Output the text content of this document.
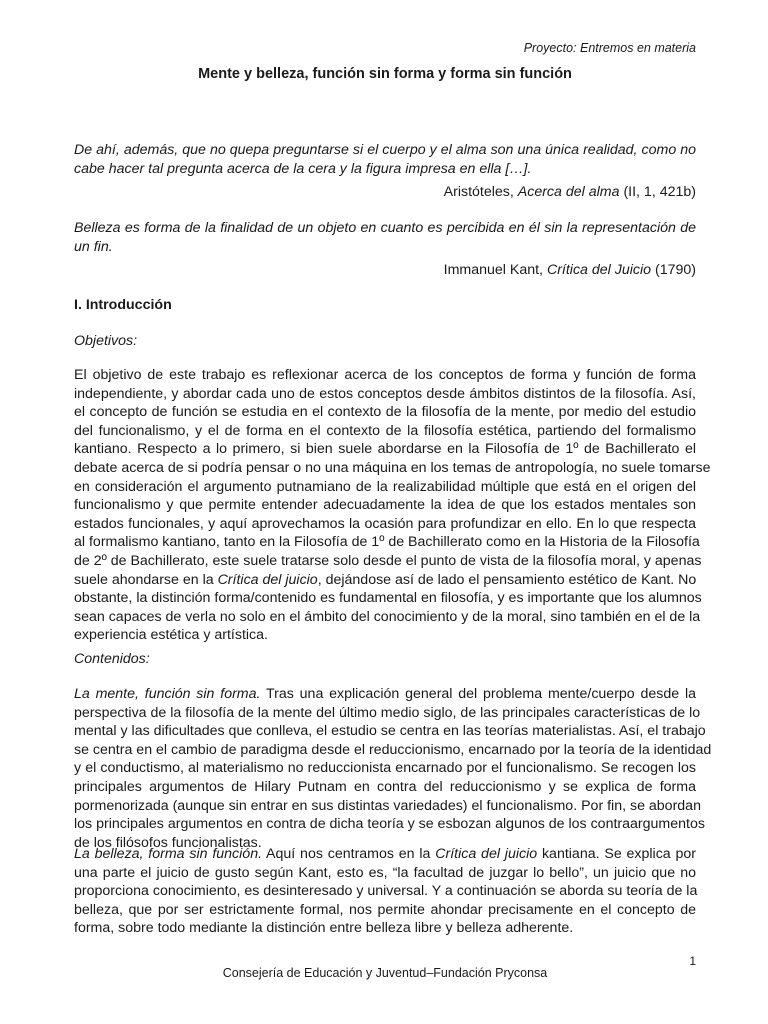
Proyecto: Entremos en materia
Mente y belleza, función sin forma y forma sin función

De ahí, además, que no quepa preguntarse si el cuerpo y el alma son una única realidad, como no
cabe hacer tal pregunta acerca de la cera y la figura impresa en ella […].

Aristóteles, Acerca del alma (II, 1, 421b)

Belleza es forma de la finalidad de un objeto en cuanto es percibida en él sin la representación de
un fin.

Immanuel Kant, Crítica del Juicio (1790)
I. Introducción
Objetivos:

El objetivo de este trabajo es reflexionar acerca de los conceptos de forma y función de forma
independiente, y abordar cada uno de estos conceptos desde ámbitos distintos de la filosofía. Así,
el concepto de función se estudia en el contexto de la filosofía de la mente, por medio del estudio
del funcionalismo, y el de forma en el contexto de la filosofía estética, partiendo del formalismo
kantiano. Respecto a lo primero, si bien suele abordarse en la Filosofía de 1º de Bachillerato el
debate acerca de si podría pensar o no una máquina en los temas de antropología, no suele tomarse
en consideración el argumento putnamiano de la realizabilidad múltiple que está en el origen del
funcionalismo y que permite entender adecuadamente la idea de que los estados mentales son
estados funcionales, y aquí aprovechamos la ocasión para profundizar en ello. En lo que respecta
al formalismo kantiano, tanto en la Filosofía de 1º de Bachillerato como en la Historia de la Filosofía
de 2º de Bachillerato, este suele tratarse solo desde el punto de vista de la filosofía moral, y apenas
suele ahondarse en la Crítica del juicio, dejándose así de lado el pensamiento estético de Kant. No
obstante, la distinción forma/contenido es fundamental en filosofía, y es importante que los alumnos
sean capaces de verla no solo en el ámbito del conocimiento y de la moral, sino también en el de la
experiencia estética y artística.

Contenidos:

La mente, función sin forma. Tras una explicación general del problema mente/cuerpo desde la
perspectiva de la filosofía de la mente del último medio siglo, de las principales características de lo
mental y las dificultades que conlleva, el estudio se centra en las teorías materialistas. Así, el trabajo
se centra en el cambio de paradigma desde el reduccionismo, encarnado por la teoría de la identidad
y el conductismo, al materialismo no reduccionista encarnado por el funcionalismo. Se recogen los
principales argumentos de Hilary Putnam en contra del reduccionismo y se explica de forma
pormenorizada (aunque sin entrar en sus distintas variedades) el funcionalismo. Por fin, se abordan
los principales argumentos en contra de dicha teoría y se esbozan algunos de los contraargumentos
de los filósofos funcionalistas.

La belleza, forma sin función. Aquí nos centramos en la Crítica del juicio kantiana. Se explica por
una parte el juicio de gusto según Kant, esto es, “la facultad de juzgar lo bello”, un juicio que no
proporciona conocimiento, es desinteresado y universal. Y a continuación se aborda su teoría de la
belleza, que por ser estrictamente formal, nos permite ahondar precisamente en el concepto de
forma, sobre todo mediante la distinción entre belleza libre y belleza adherente.

1
Consejería de Educación y Juventud–Fundación Pryconsa
